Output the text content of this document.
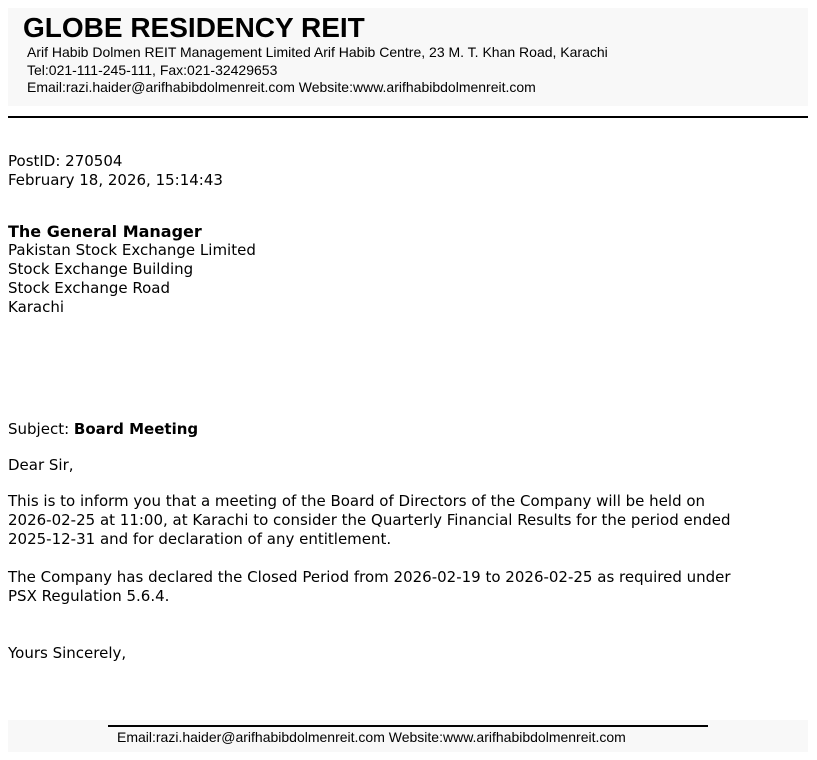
GLOBE RESIDENCY REIT
Arif Habib Dolmen REIT Management Limited Arif Habib Centre, 23 M. T. Khan Road, Karachi
Tel:021-111-245-111, Fax:021-32429653
Email:razi.haider@arifhabibdolmenreit.com Website:www.arifhabibdolmenreit.com
PostID: 270504
February 18, 2026, 15:14:43
The General Manager
Pakistan Stock Exchange Limited
Stock Exchange Building
Stock Exchange Road
Karachi
Subject: Board Meeting
Dear Sir,
This is to inform you that a meeting of the Board of Directors of the Company will be held on
2026-02-25 at 11:00, at Karachi to consider the Quarterly Financial Results for the period ended
2025-12-31 and for declaration of any entitlement.
The Company has declared the Closed Period from 2026-02-19 to 2026-02-25 as required under
PSX Regulation 5.6.4.
Yours Sincerely,
Email:razi.haider@arifhabibdolmenreit.com Website:www.arifhabibdolmenreit.com
